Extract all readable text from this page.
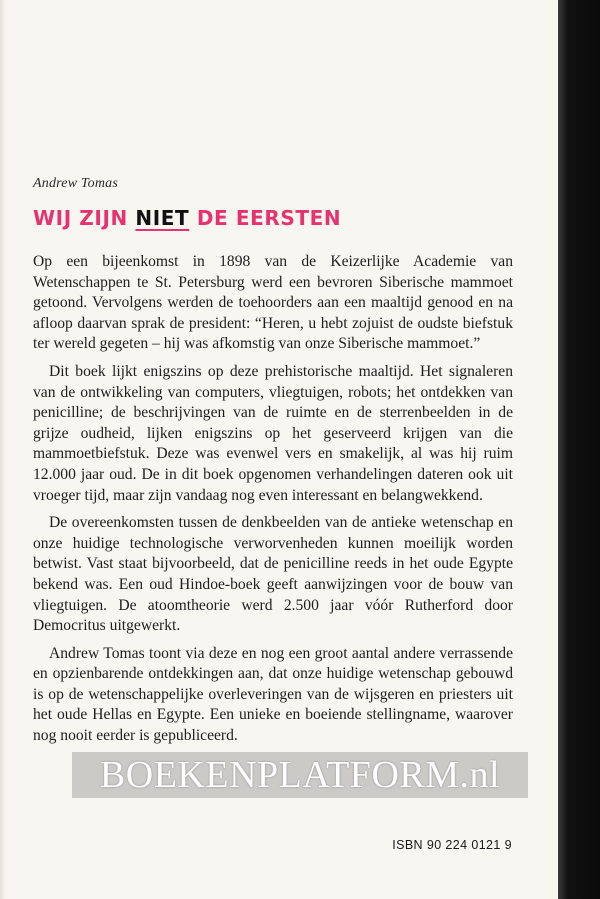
Andrew Tomas
WIJ ZIJN NIET DE EERSTEN

Op een bijeenkomst in 1898 van de Keizerlijke Academie van Wetenschappen te St. Petersburg werd een bevroren Siberische mammoet getoond. Vervolgens werden de toehoorders aan een maaltijd genood en na afloop daarvan sprak de president: “Heren, u hebt zojuist de oudste biefstuk ter wereld gegeten – hij was afkomstig van onze Siberische mammoet.”

Dit boek lijkt enigszins op deze prehistorische maaltijd. Het signaleren van de ontwikkeling van computers, vliegtuigen, robots; het ontdekken van penicilline; de beschrijvingen van de ruimte en de sterrenbeelden in de grijze oudheid, lijken enigszins op het geserveerd krijgen van die mammoetbiefstuk. Deze was evenwel vers en smakelijk, al was hij ruim 12.000 jaar oud. De in dit boek opgenomen verhandelingen dateren ook uit vroeger tijd, maar zijn vandaag nog even interessant en belangwekkend.

De overeenkomsten tussen de denkbeelden van de antieke wetenschap en onze huidige technologische verworvenheden kunnen moeilijk worden betwist. Vast staat bijvoorbeeld, dat de penicilline reeds in het oude Egypte bekend was. Een oud Hindoe-boek geeft aanwijzingen voor de bouw van vliegtuigen. De atoomtheorie werd 2.500 jaar vóór Rutherford door Democritus uitgewerkt.

Andrew Tomas toont via deze en nog een groot aantal andere verrassende en opzienbarende ontdekkingen aan, dat onze huidige wetenschap gebouwd is op de wetenschappelijke overleveringen van de wijsgeren en priesters uit het oude Hellas en Egypte. Een unieke en boeiende stellingname, waarover nog nooit eerder is gepubliceerd.

BOEKENPLATFORM.nl
ISBN 90 224 0121 9
